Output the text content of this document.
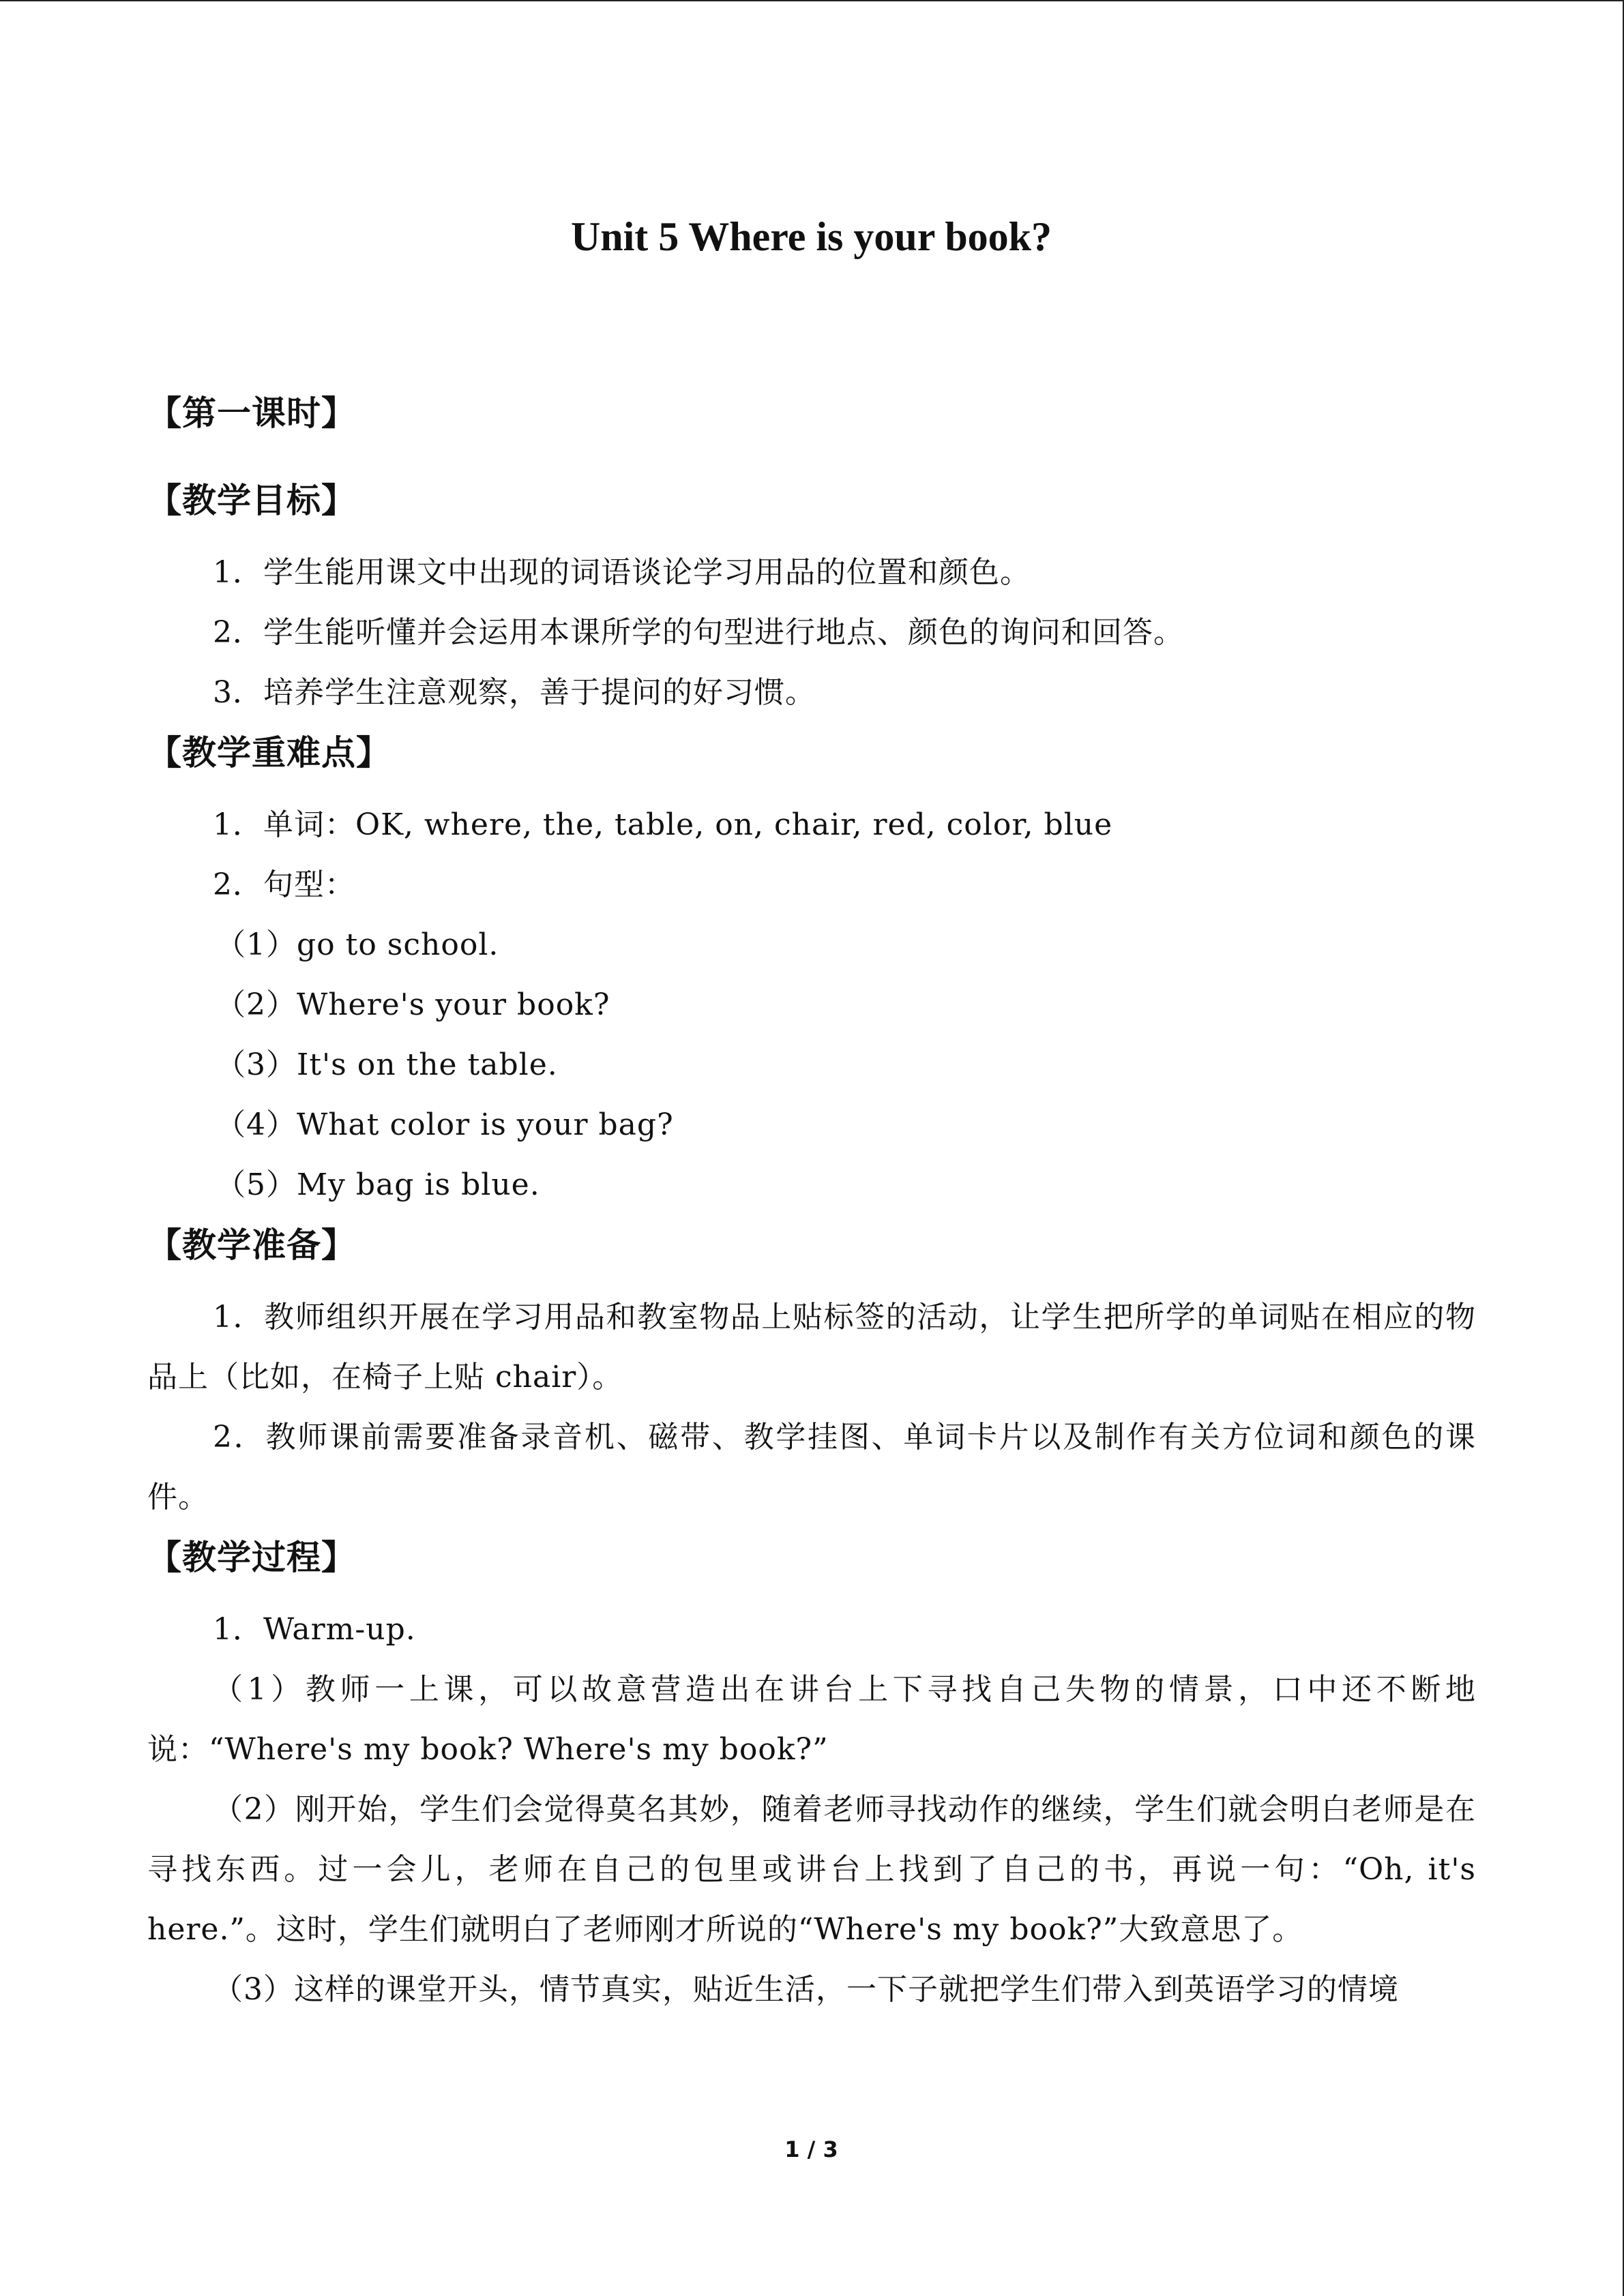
Unit 5 Where is your book?

【第一课时】

【教学目标】

1．学生能用课文中出现的词语谈论学习用品的位置和颜色。

2．学生能听懂并会运用本课所学的句型进行地点、颜色的询问和回答。

3．培养学生注意观察，善于提问的好习惯。

【教学重难点】

1．单词：OK, where, the, table, on, chair, red, color, blue

2．句型：

（1）go to school.

（2）Where's your book?

（3）It's on the table.

（4）What color is your bag?

（5）My bag is blue.

【教学准备】

1．教师组织开展在学习用品和教室物品上贴标签的活动，让学生把所学的单词贴在相应的物品上（比如，在椅子上贴 chair）。

2．教师课前需要准备录音机、磁带、教学挂图、单词卡片以及制作有关方位词和颜色的课件。

【教学过程】

1．Warm-up.

（1）教师一上课，可以故意营造出在讲台上下寻找自己失物的情景，口中还不断地说：“Where's my book? Where's my book?”

（2）刚开始，学生们会觉得莫名其妙，随着老师寻找动作的继续，学生们就会明白老师是在寻找东西。过一会儿，老师在自己的包里或讲台上找到了自己的书，再说一句：“Oh, it's here.”。这时，学生们就明白了老师刚才所说的“Where's my book?”大致意思了。

（3）这样的课堂开头，情节真实，贴近生活，一下子就把学生们带入到英语学习的情境

1 / 3
